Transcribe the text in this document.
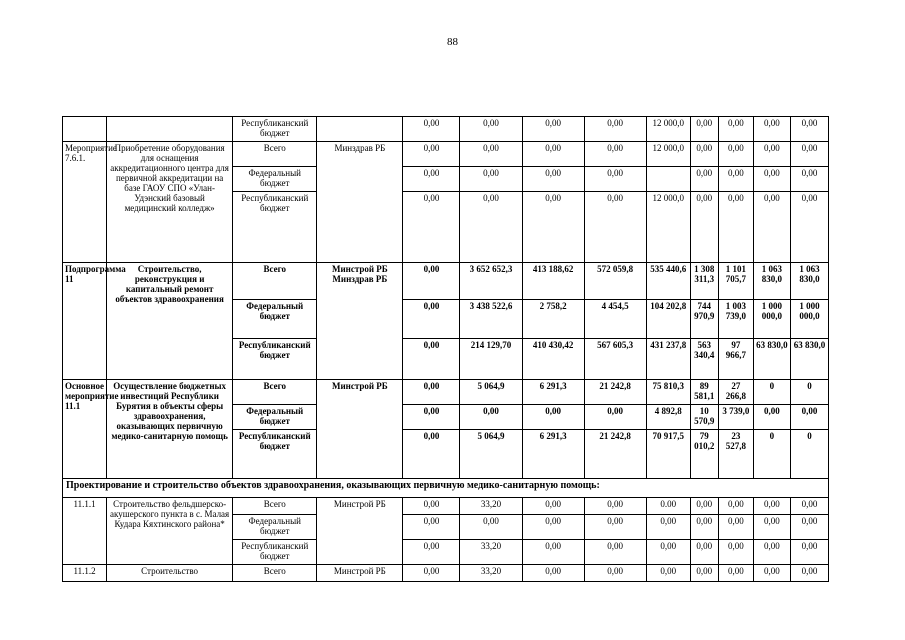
88
		Республиканский бюджет		0,00	0,00	0,00	0,00	12 000,0	0,00	0,00	0,00	0,00
Мероприятие 7.6.1.	Приобретение оборудования для оснащения аккредитационного центра для первичной аккредитации на базе ГАОУ СПО «Улан-Удэнский базовый медицинский колледж»	Всего	Минздрав РБ	0,00	0,00	0,00	0,00	12 000,0	0,00	0,00	0,00	0,00
		Федеральный бюджет		0,00	0,00	0,00	0,00		0,00	0,00	0,00	0,00
		Республиканский бюджет		0,00	0,00	0,00	0,00	12 000,0	0,00	0,00	0,00	0,00
Подпрограмма 11	Строительство, реконструкция и капитальный ремонт объектов здравоохранения	Всего	Минстрой РБ Минздрав РБ	0,00	3 652 652,3	413 188,62	572 059,8	535 440,6	1 308 311,3	1 101 705,7	1 063 830,0	1 063 830,0
		Федеральный бюджет		0,00	3 438 522,6	2 758,2	4 454,5	104 202,8	744 970,9	1 003 739,0	1 000 000,0	1 000 000,0
		Республиканский бюджет		0,00	214 129,70	410 430,42	567 605,3	431 237,8	563 340,4	97 966,7	63 830,0	63 830,0
Основное мероприятие 11.1	Осуществление бюджетных инвестиций Республики Бурятия в объекты сферы здравоохранения, оказывающих первичную медико-санитарную помощь	Всего	Минстрой РБ	0,00	5 064,9	6 291,3	21 242,8	75 810,3	89 581,1	27 266,8	0	0
		Федеральный бюджет		0,00	0,00	0,00	0,00	4 892,8	10 570,9	3 739,0	0,00	0,00
		Республиканский бюджет		0,00	5 064,9	6 291,3	21 242,8	70 917,5	79 010,2	23 527,8	0	0
Проектирование и строительство объектов здравоохранения, оказывающих первичную медико-санитарную помощь:												
11.1.1	Строительство фельдшерско-акушерского пункта в с. Малая Кудара Кяхтинского района*	Всего	Минстрой РБ	0,00	33,20	0,00	0,00	0.00	0,00	0,00	0,00	0,00
		Федеральный бюджет		0,00	0,00	0,00	0,00	0,00	0,00	0,00	0,00	0,00
		Республиканский бюджет		0,00	33,20	0,00	0,00	0,00	0,00	0,00	0,00	0,00
11.1.2	Строительство	Всего	Минстрой РБ	0,00	33,20	0,00	0,00	0,00	0,00	0,00	0,00	0,00
